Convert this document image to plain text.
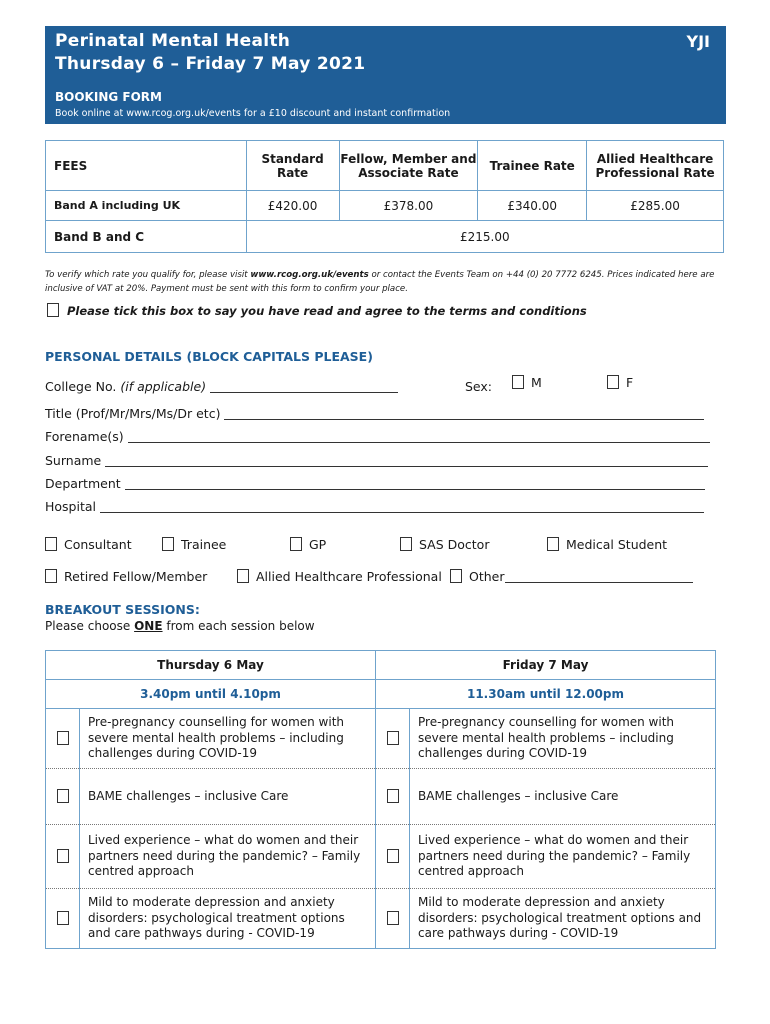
Perinatal Mental Health
Thursday 6 – Friday 7 May 2021
YJI
BOOKING FORM
Book online at www.rcog.org.uk/events for a £10 discount and instant confirmation
FEES	Standard Rate	Fellow, Member and Associate Rate	Trainee Rate	Allied Healthcare Professional Rate
Band A including UK	£420.00	£378.00	£340.00	£285.00
Band B and C	£215.00			
To verify which rate you qualify for, please visit www.rcog.org.uk/events or contact the Events Team on +44 (0) 20 7772 6245. Prices indicated here are inclusive of VAT at 20%. Payment must be sent with this form to confirm your place.
Please tick this box to say you have read and agree to the terms and conditions
PERSONAL DETAILS (BLOCK CAPITALS PLEASE)
College No. (if applicable)	Sex:	M	F
Title (Prof/Mr/Mrs/Ms/Dr etc)
Forename(s)
Surname
Department
Hospital
Consultant	Trainee	GP	SAS Doctor	Medical Student
Retired Fellow/Member	Allied Healthcare Professional	Other
BREAKOUT SESSIONS:
Please choose ONE from each session below
Thursday 6 May		Friday 7 May	
3.40pm until 4.10pm		11.30am until 12.00pm	
	Pre-pregnancy counselling for women with severe mental health problems – including challenges during COVID-19		Pre-pregnancy counselling for women with severe mental health problems – including challenges during COVID-19
	BAME challenges – inclusive Care		BAME challenges – inclusive Care
	Lived experience – what do women and their partners need during the pandemic? – Family centred approach		Lived experience – what do women and their partners need during the pandemic? – Family centred approach
	Mild to moderate depression and anxiety disorders: psychological treatment options and care pathways during - COVID-19		Mild to moderate depression and anxiety disorders: psychological treatment options and care pathways during - COVID-19
